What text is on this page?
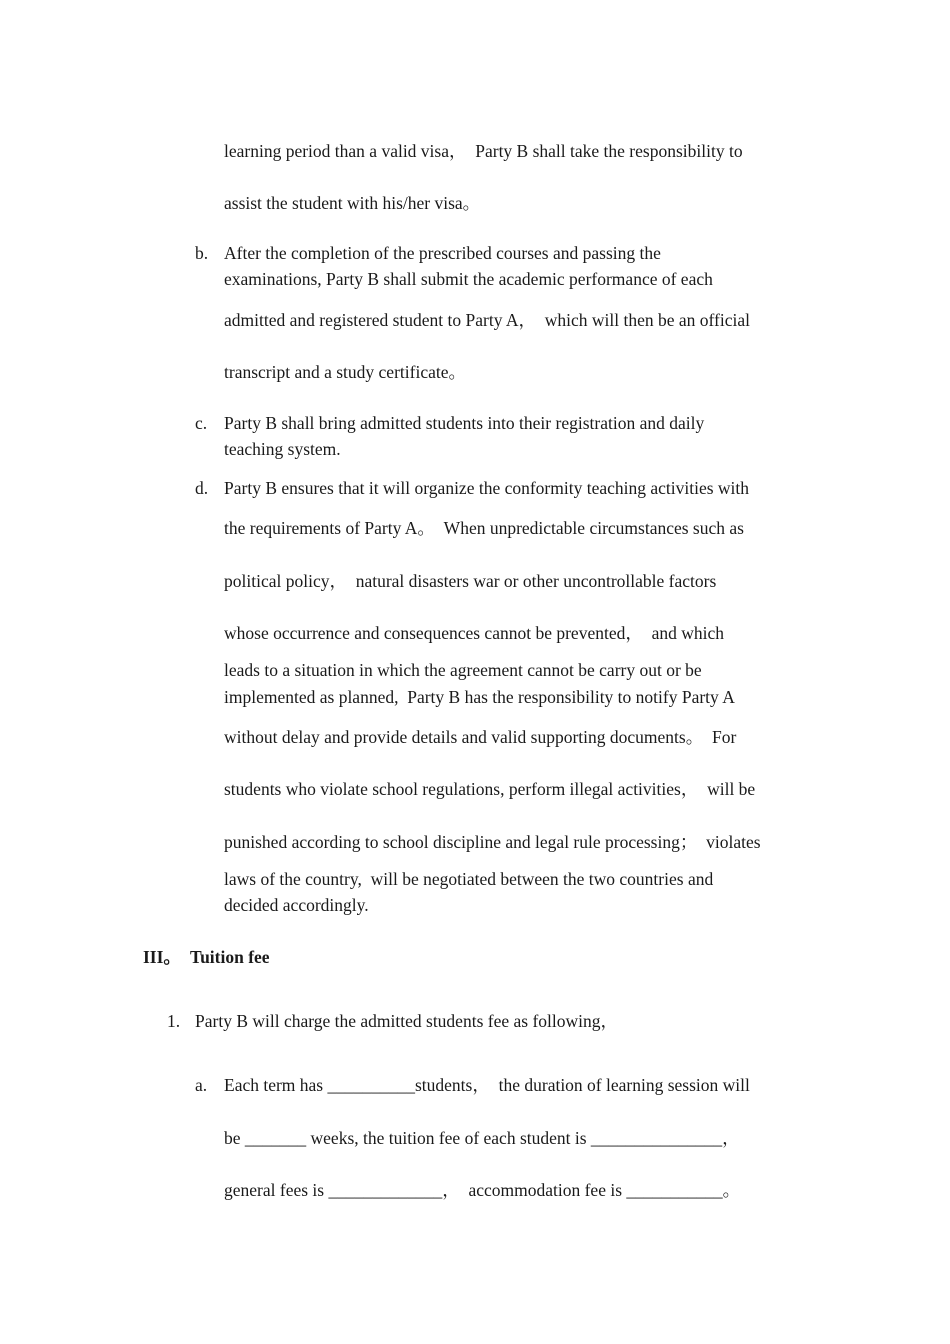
learning period than a valid visa，  Party B shall take the responsibility to
assist the student with his/her visa。
b. After the completion of the prescribed courses and passing the
examinations, Party B shall submit the academic performance of each
admitted and registered student to Party A，  which will then be an official
transcript and a study certificate。
c. Party B shall bring admitted students into their registration and daily
teaching system.
d. Party B ensures that it will organize the conformity teaching activities with
the requirements of Party A。  When unpredictable circumstances such as
political policy，  natural disasters war or other uncontrollable factors
whose occurrence and consequences cannot be prevented，  and which
leads to a situation in which the agreement cannot be carry out or be
implemented as planned,  Party B has the responsibility to notify Party A
without delay and provide details and valid supporting documents。  For
students who violate school regulations, perform illegal activities，  will be
punished according to school discipline and legal rule processing；  violates
laws of the country,  will be negotiated between the two countries and
decided accordingly.
III。 Tuition fee
1. Party B will charge the admitted students fee as following，
a. Each term has __________students，  the duration of learning session will
be _______ weeks, the tuition fee of each student is _______________，
general fees is _____________，  accommodation fee is ___________。
